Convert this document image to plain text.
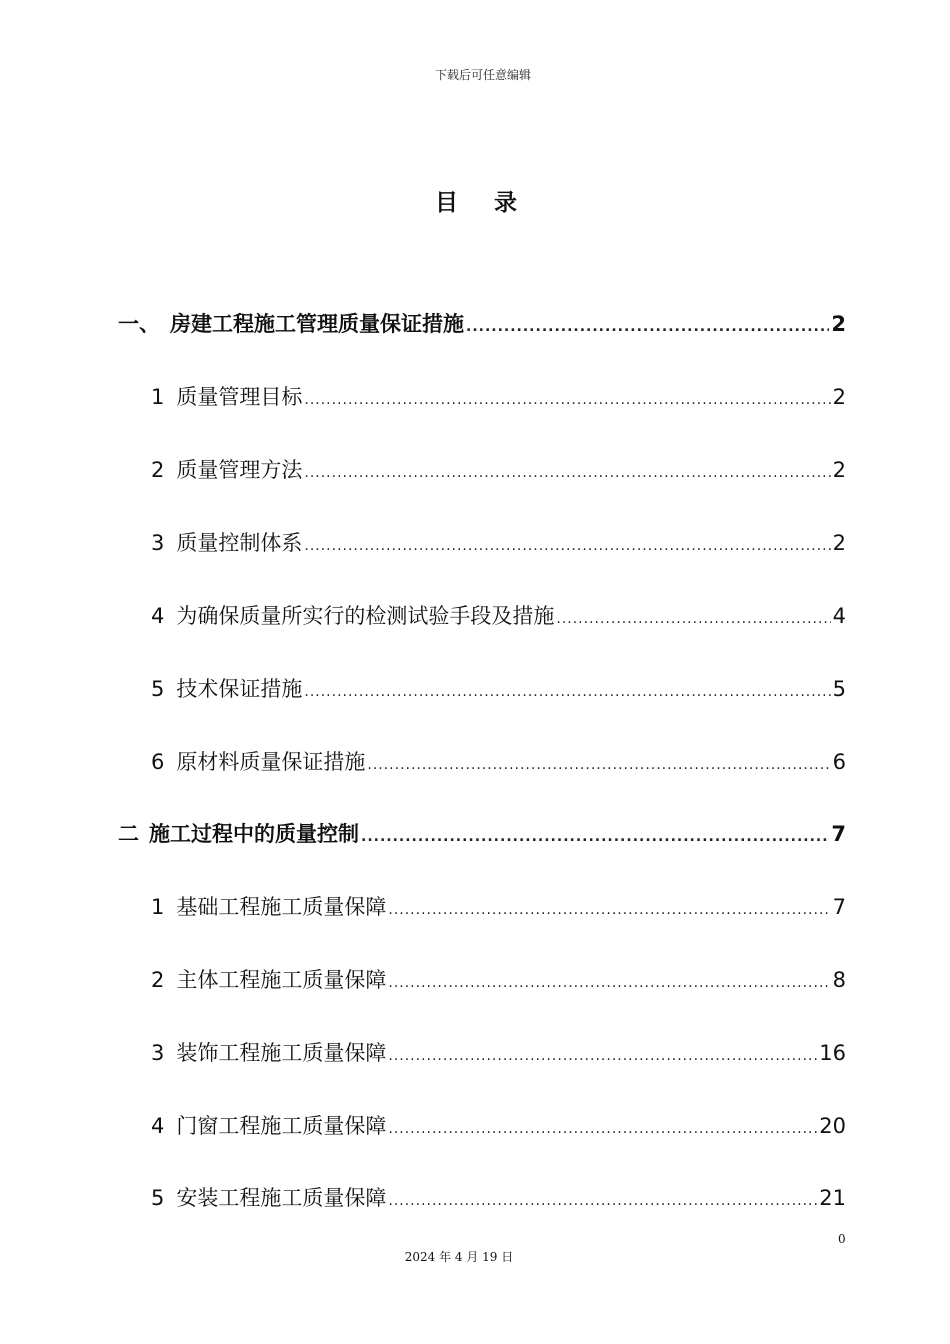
下载后可任意编辑
目 录
一、 房建工程施工管理质量保证措施 .....	2
1 质量管理目标 .....	2
2 质量管理方法 .....	2
3 质量控制体系 .....	2
4 为确保质量所实行的检测试验手段及措施 .....	4
5 技术保证措施 .....	5
6 原材料质量保证措施 .....	6
二 施工过程中的质量控制 .....	7
1 基础工程施工质量保障 .....	7
2 主体工程施工质量保障 .....	8
3 装饰工程施工质量保障 .....	16
4 门窗工程施工质量保障 .....	20
5 安装工程施工质量保障 .....	21
0
2024 年 4 月 19 日
